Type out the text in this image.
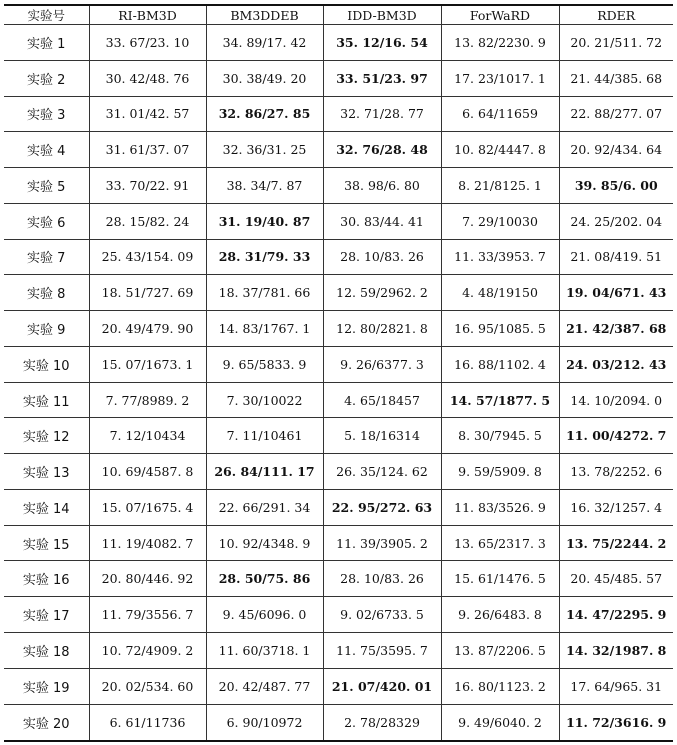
实验号	RI-BM3D	BM3DDEB	IDD-BM3D	ForWaRD	RDER
实验 1	33. 67/23. 10	34. 89/17. 42	35. 12/16. 54	13. 82/2230. 9	20. 21/511. 72
实验 2	30. 42/48. 76	30. 38/49. 20	33. 51/23. 97	17. 23/1017. 1	21. 44/385. 68
实验 3	31. 01/42. 57	32. 86/27. 85	32. 71/28. 77	6. 64/11659	22. 88/277. 07
实验 4	31. 61/37. 07	32. 36/31. 25	32. 76/28. 48	10. 82/4447. 8	20. 92/434. 64
实验 5	33. 70/22. 91	38. 34/7. 87	38. 98/6. 80	8. 21/8125. 1	39. 85/6. 00
实验 6	28. 15/82. 24	31. 19/40. 87	30. 83/44. 41	7. 29/10030	24. 25/202. 04
实验 7	25. 43/154. 09	28. 31/79. 33	28. 10/83. 26	11. 33/3953. 7	21. 08/419. 51
实验 8	18. 51/727. 69	18. 37/781. 66	12. 59/2962. 2	4. 48/19150	19. 04/671. 43
实验 9	20. 49/479. 90	14. 83/1767. 1	12. 80/2821. 8	16. 95/1085. 5	21. 42/387. 68
实验 10	15. 07/1673. 1	9. 65/5833. 9	9. 26/6377. 3	16. 88/1102. 4	24. 03/212. 43
实验 11	7. 77/8989. 2	7. 30/10022	4. 65/18457	14. 57/1877. 5	14. 10/2094. 0
实验 12	7. 12/10434	7. 11/10461	5. 18/16314	8. 30/7945. 5	11. 00/4272. 7
实验 13	10. 69/4587. 8	26. 84/111. 17	26. 35/124. 62	9. 59/5909. 8	13. 78/2252. 6
实验 14	15. 07/1675. 4	22. 66/291. 34	22. 95/272. 63	11. 83/3526. 9	16. 32/1257. 4
实验 15	11. 19/4082. 7	10. 92/4348. 9	11. 39/3905. 2	13. 65/2317. 3	13. 75/2244. 2
实验 16	20. 80/446. 92	28. 50/75. 86	28. 10/83. 26	15. 61/1476. 5	20. 45/485. 57
实验 17	11. 79/3556. 7	9. 45/6096. 0	9. 02/6733. 5	9. 26/6483. 8	14. 47/2295. 9
实验 18	10. 72/4909. 2	11. 60/3718. 1	11. 75/3595. 7	13. 87/2206. 5	14. 32/1987. 8
实验 19	20. 02/534. 60	20. 42/487. 77	21. 07/420. 01	16. 80/1123. 2	17. 64/965. 31
实验 20	6. 61/11736	6. 90/10972	2. 78/28329	9. 49/6040. 2	11. 72/3616. 9
